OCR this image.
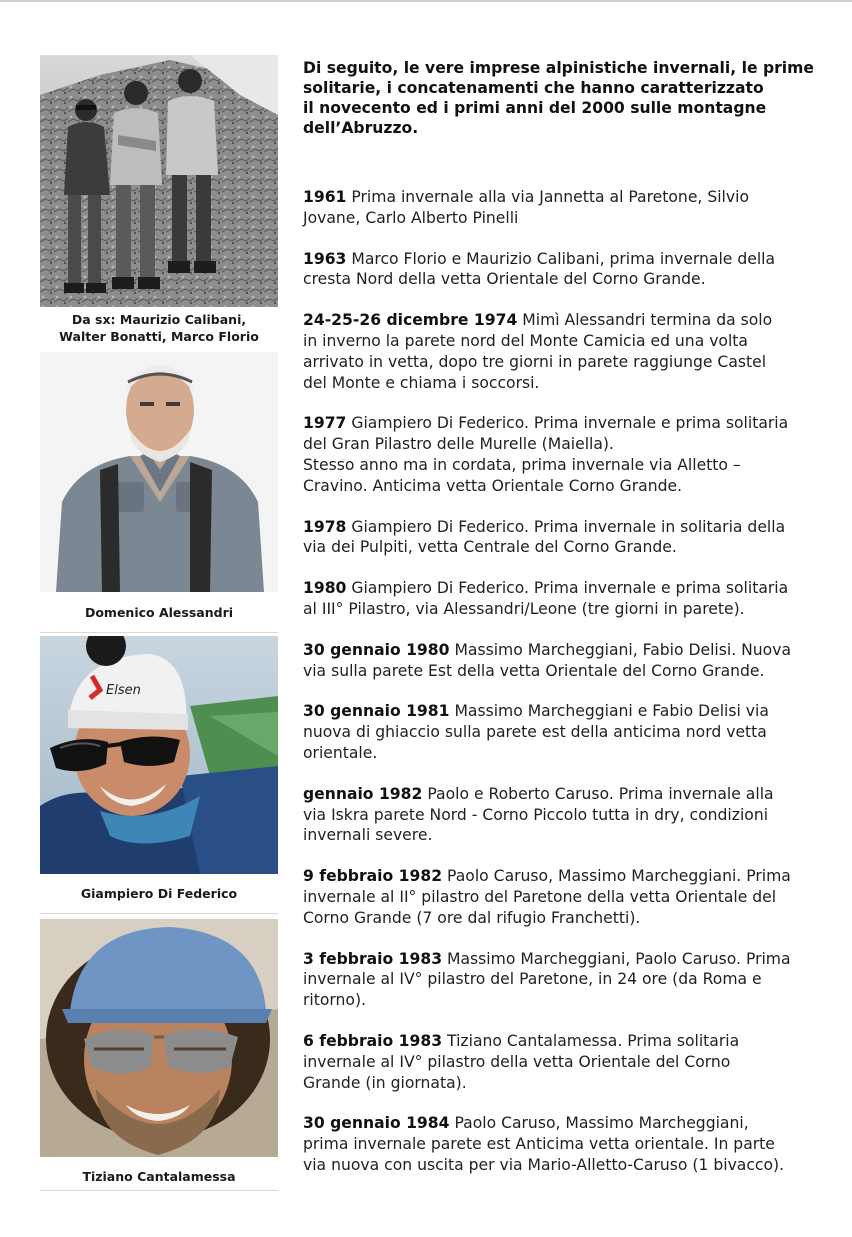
Da sx: Maurizio Calibani,
Walter Bonatti, Marco Florio
Domenico Alessandri
Elsen
Giampiero Di Federico
Tiziano Cantalamessa

Di seguito, le vere imprese alpinistiche invernali, le prime
solitarie, i concatenamenti che hanno caratterizzato
il novecento ed i primi anni del 2000 sulle montagne
dell’Abruzzo.

1961 Prima invernale alla via Jannetta al Paretone, Silvio
Jovane, Carlo Alberto Pinelli

1963 Marco Florio e Maurizio Calibani, prima invernale della
cresta Nord della vetta Orientale del Corno Grande.

24-25-26 dicembre 1974 Mimì Alessandri termina da solo
in inverno la parete nord del Monte Camicia ed una volta
arrivato in vetta, dopo tre giorni in parete raggiunge Castel
del Monte e chiama i soccorsi.

1977 Giampiero Di Federico. Prima invernale e prima solitaria
del Gran Pilastro delle Murelle (Maiella).
Stesso anno ma in cordata, prima invernale via Alletto –
Cravino. Anticima vetta Orientale Corno Grande.

1978 Giampiero Di Federico. Prima invernale in solitaria della
via dei Pulpiti, vetta Centrale del Corno Grande.

1980 Giampiero Di Federico. Prima invernale e prima solitaria
al III° Pilastro, via Alessandri/Leone (tre giorni in parete).

30 gennaio 1980 Massimo Marcheggiani, Fabio Delisi. Nuova
via sulla parete Est della vetta Orientale del Corno Grande.

30 gennaio 1981 Massimo Marcheggiani e Fabio Delisi via
nuova di ghiaccio sulla parete est della anticima nord vetta
orientale.

gennaio 1982 Paolo e Roberto Caruso. Prima invernale alla
via Iskra parete Nord - Corno Piccolo tutta in dry, condizioni
invernali severe.

9 febbraio 1982 Paolo Caruso, Massimo Marcheggiani. Prima
invernale al II° pilastro del Paretone della vetta Orientale del
Corno Grande (7 ore dal rifugio Franchetti).

3 febbraio 1983 Massimo Marcheggiani, Paolo Caruso. Prima
invernale al IV° pilastro del Paretone, in 24 ore (da Roma e
ritorno).

6 febbraio 1983 Tiziano Cantalamessa. Prima solitaria
invernale al IV° pilastro della vetta Orientale del Corno
Grande (in giornata).

30 gennaio 1984 Paolo Caruso, Massimo Marcheggiani,
prima invernale parete est Anticima vetta orientale. In parte
via nuova con uscita per via Mario-Alletto-Caruso (1 bivacco).
